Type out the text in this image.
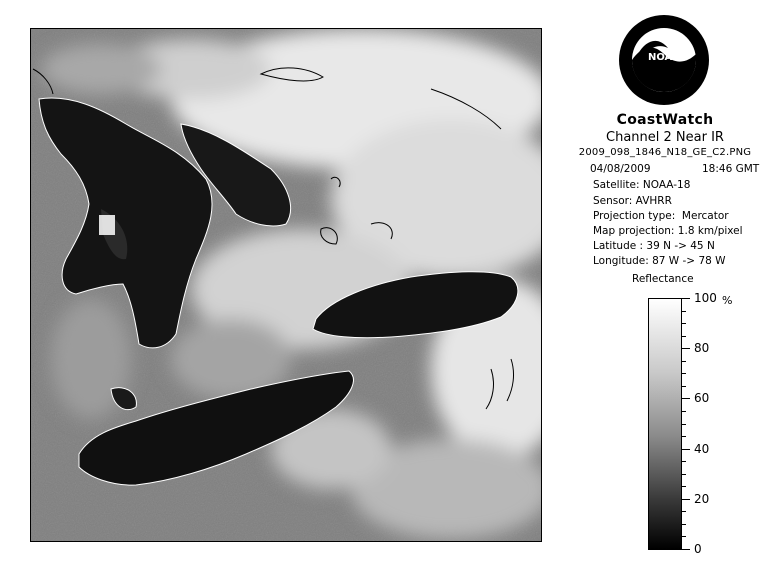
NOAA
CoastWatch
Channel 2 Near IR
2009_098_1846_N18_GE_C2.PNG
04/08/2009	18:46 GMT
Satellite: NOAA-18
Sensor: AVHRR
Projection type:  Mercator
Map projection: 1.8 km/pixel
Latitude : 39 N -> 45 N
Longitude: 87 W -> 78 W
Reflectance
%
100
80
60
40
20
0
